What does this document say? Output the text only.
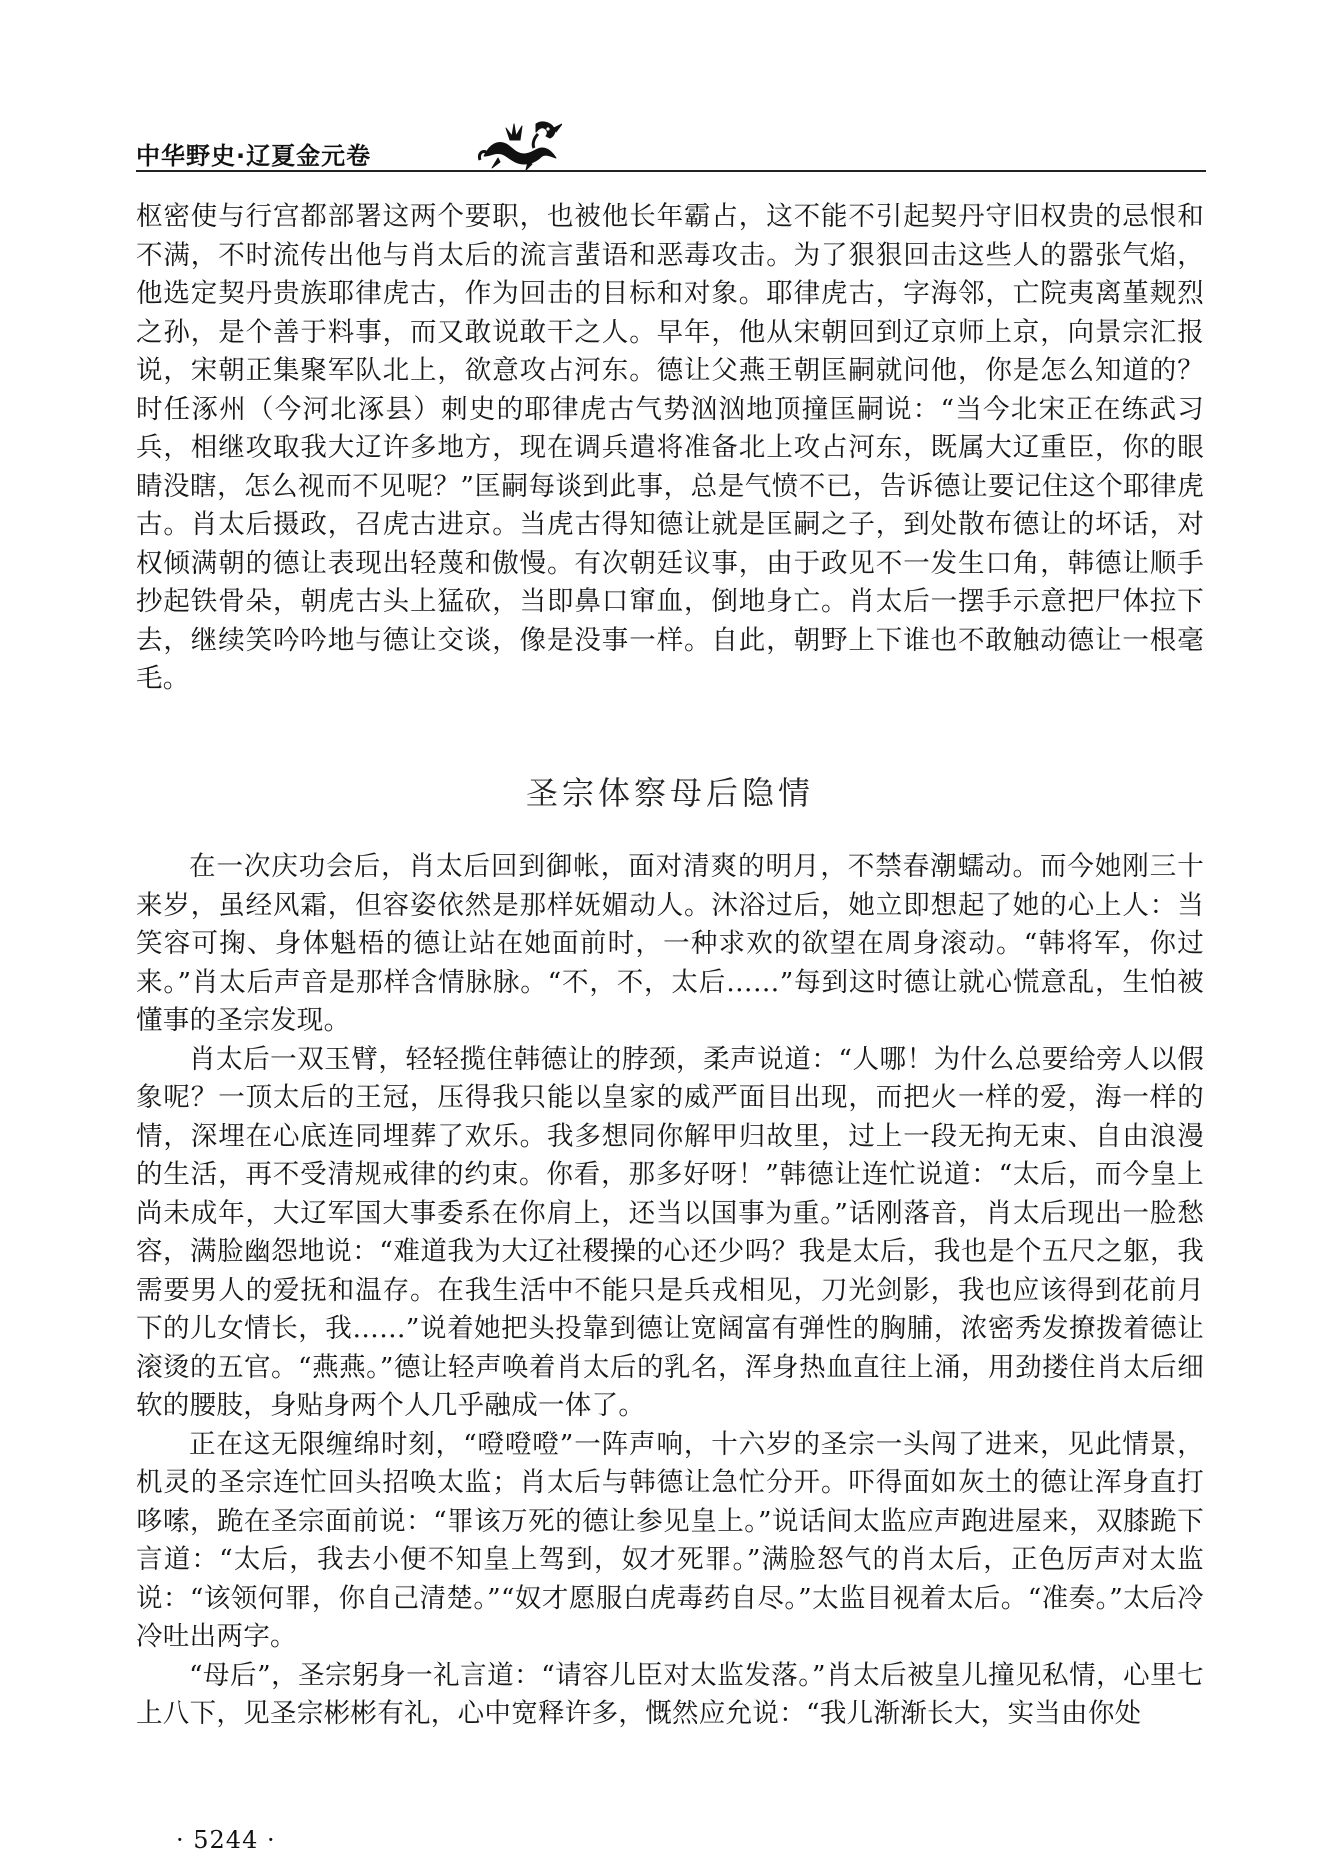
中华野史·辽夏金元卷

枢密使与行宫都部署这两个要职，也被他长年霸占，这不能不引起契丹守旧权贵的忌恨和不满，不时流传出他与肖太后的流言蜚语和恶毒攻击。为了狠狠回击这些人的嚣张气焰，他选定契丹贵族耶律虎古，作为回击的目标和对象。耶律虎古，字海邻，亡院夷离堇觌烈之孙，是个善于料事，而又敢说敢干之人。早年，他从宋朝回到辽京师上京，向景宗汇报说，宋朝正集聚军队北上，欲意攻占河东。德让父燕王朝匡嗣就问他，你是怎么知道的？时任涿州（今河北涿县）刺史的耶律虎古气势汹汹地顶撞匡嗣说：“当今北宋正在练武习兵，相继攻取我大辽许多地方，现在调兵遣将准备北上攻占河东，既属大辽重臣，你的眼睛没瞎，怎么视而不见呢？”匡嗣每谈到此事，总是气愤不已，告诉德让要记住这个耶律虎古。肖太后摄政，召虎古进京。当虎古得知德让就是匡嗣之子，到处散布德让的坏话，对权倾满朝的德让表现出轻蔑和傲慢。有次朝廷议事，由于政见不一发生口角，韩德让顺手抄起铁骨朵，朝虎古头上猛砍，当即鼻口窜血，倒地身亡。肖太后一摆手示意把尸体拉下去，继续笑吟吟地与德让交谈，像是没事一样。自此，朝野上下谁也不敢触动德让一根毫毛。

圣宗体察母后隐情

在一次庆功会后，肖太后回到御帐，面对清爽的明月，不禁春潮蠕动。而今她刚三十来岁，虽经风霜，但容姿依然是那样妩媚动人。沐浴过后，她立即想起了她的心上人：当笑容可掬、身体魁梧的德让站在她面前时，一种求欢的欲望在周身滚动。“韩将军，你过来。”肖太后声音是那样含情脉脉。“不，不，太后……”每到这时德让就心慌意乱，生怕被懂事的圣宗发现。

肖太后一双玉臂，轻轻揽住韩德让的脖颈，柔声说道：“人哪！为什么总要给旁人以假象呢？一顶太后的王冠，压得我只能以皇家的威严面目出现，而把火一样的爱，海一样的情，深埋在心底连同埋葬了欢乐。我多想同你解甲归故里，过上一段无拘无束、自由浪漫的生活，再不受清规戒律的约束。你看，那多好呀！”韩德让连忙说道：“太后，而今皇上尚未成年，大辽军国大事委系在你肩上，还当以国事为重。”话刚落音，肖太后现出一脸愁容，满脸幽怨地说：“难道我为大辽社稷操的心还少吗？我是太后，我也是个五尺之躯，我需要男人的爱抚和温存。在我生活中不能只是兵戎相见，刀光剑影，我也应该得到花前月下的儿女情长，我……”说着她把头投靠到德让宽阔富有弹性的胸脯，浓密秀发撩拨着德让滚烫的五官。“燕燕。”德让轻声唤着肖太后的乳名，浑身热血直往上涌，用劲搂住肖太后细软的腰肢，身贴身两个人几乎融成一体了。

正在这无限缠绵时刻，“噔噔噔”一阵声响，十六岁的圣宗一头闯了进来，见此情景，机灵的圣宗连忙回头招唤太监；肖太后与韩德让急忙分开。吓得面如灰土的德让浑身直打哆嗦，跪在圣宗面前说：“罪该万死的德让参见皇上。”说话间太监应声跑进屋来，双膝跪下言道：“太后，我去小便不知皇上驾到，奴才死罪。”满脸怒气的肖太后，正色厉声对太监说：“该领何罪，你自己清楚。”“奴才愿服白虎毒药自尽。”太监目视着太后。“准奏。”太后冷冷吐出两字。

“母后”，圣宗躬身一礼言道：“请容儿臣对太监发落。”肖太后被皇儿撞见私情，心里七上八下，见圣宗彬彬有礼，心中宽释许多，慨然应允说：“我儿渐渐长大，实当由你处

· 5244 ·
